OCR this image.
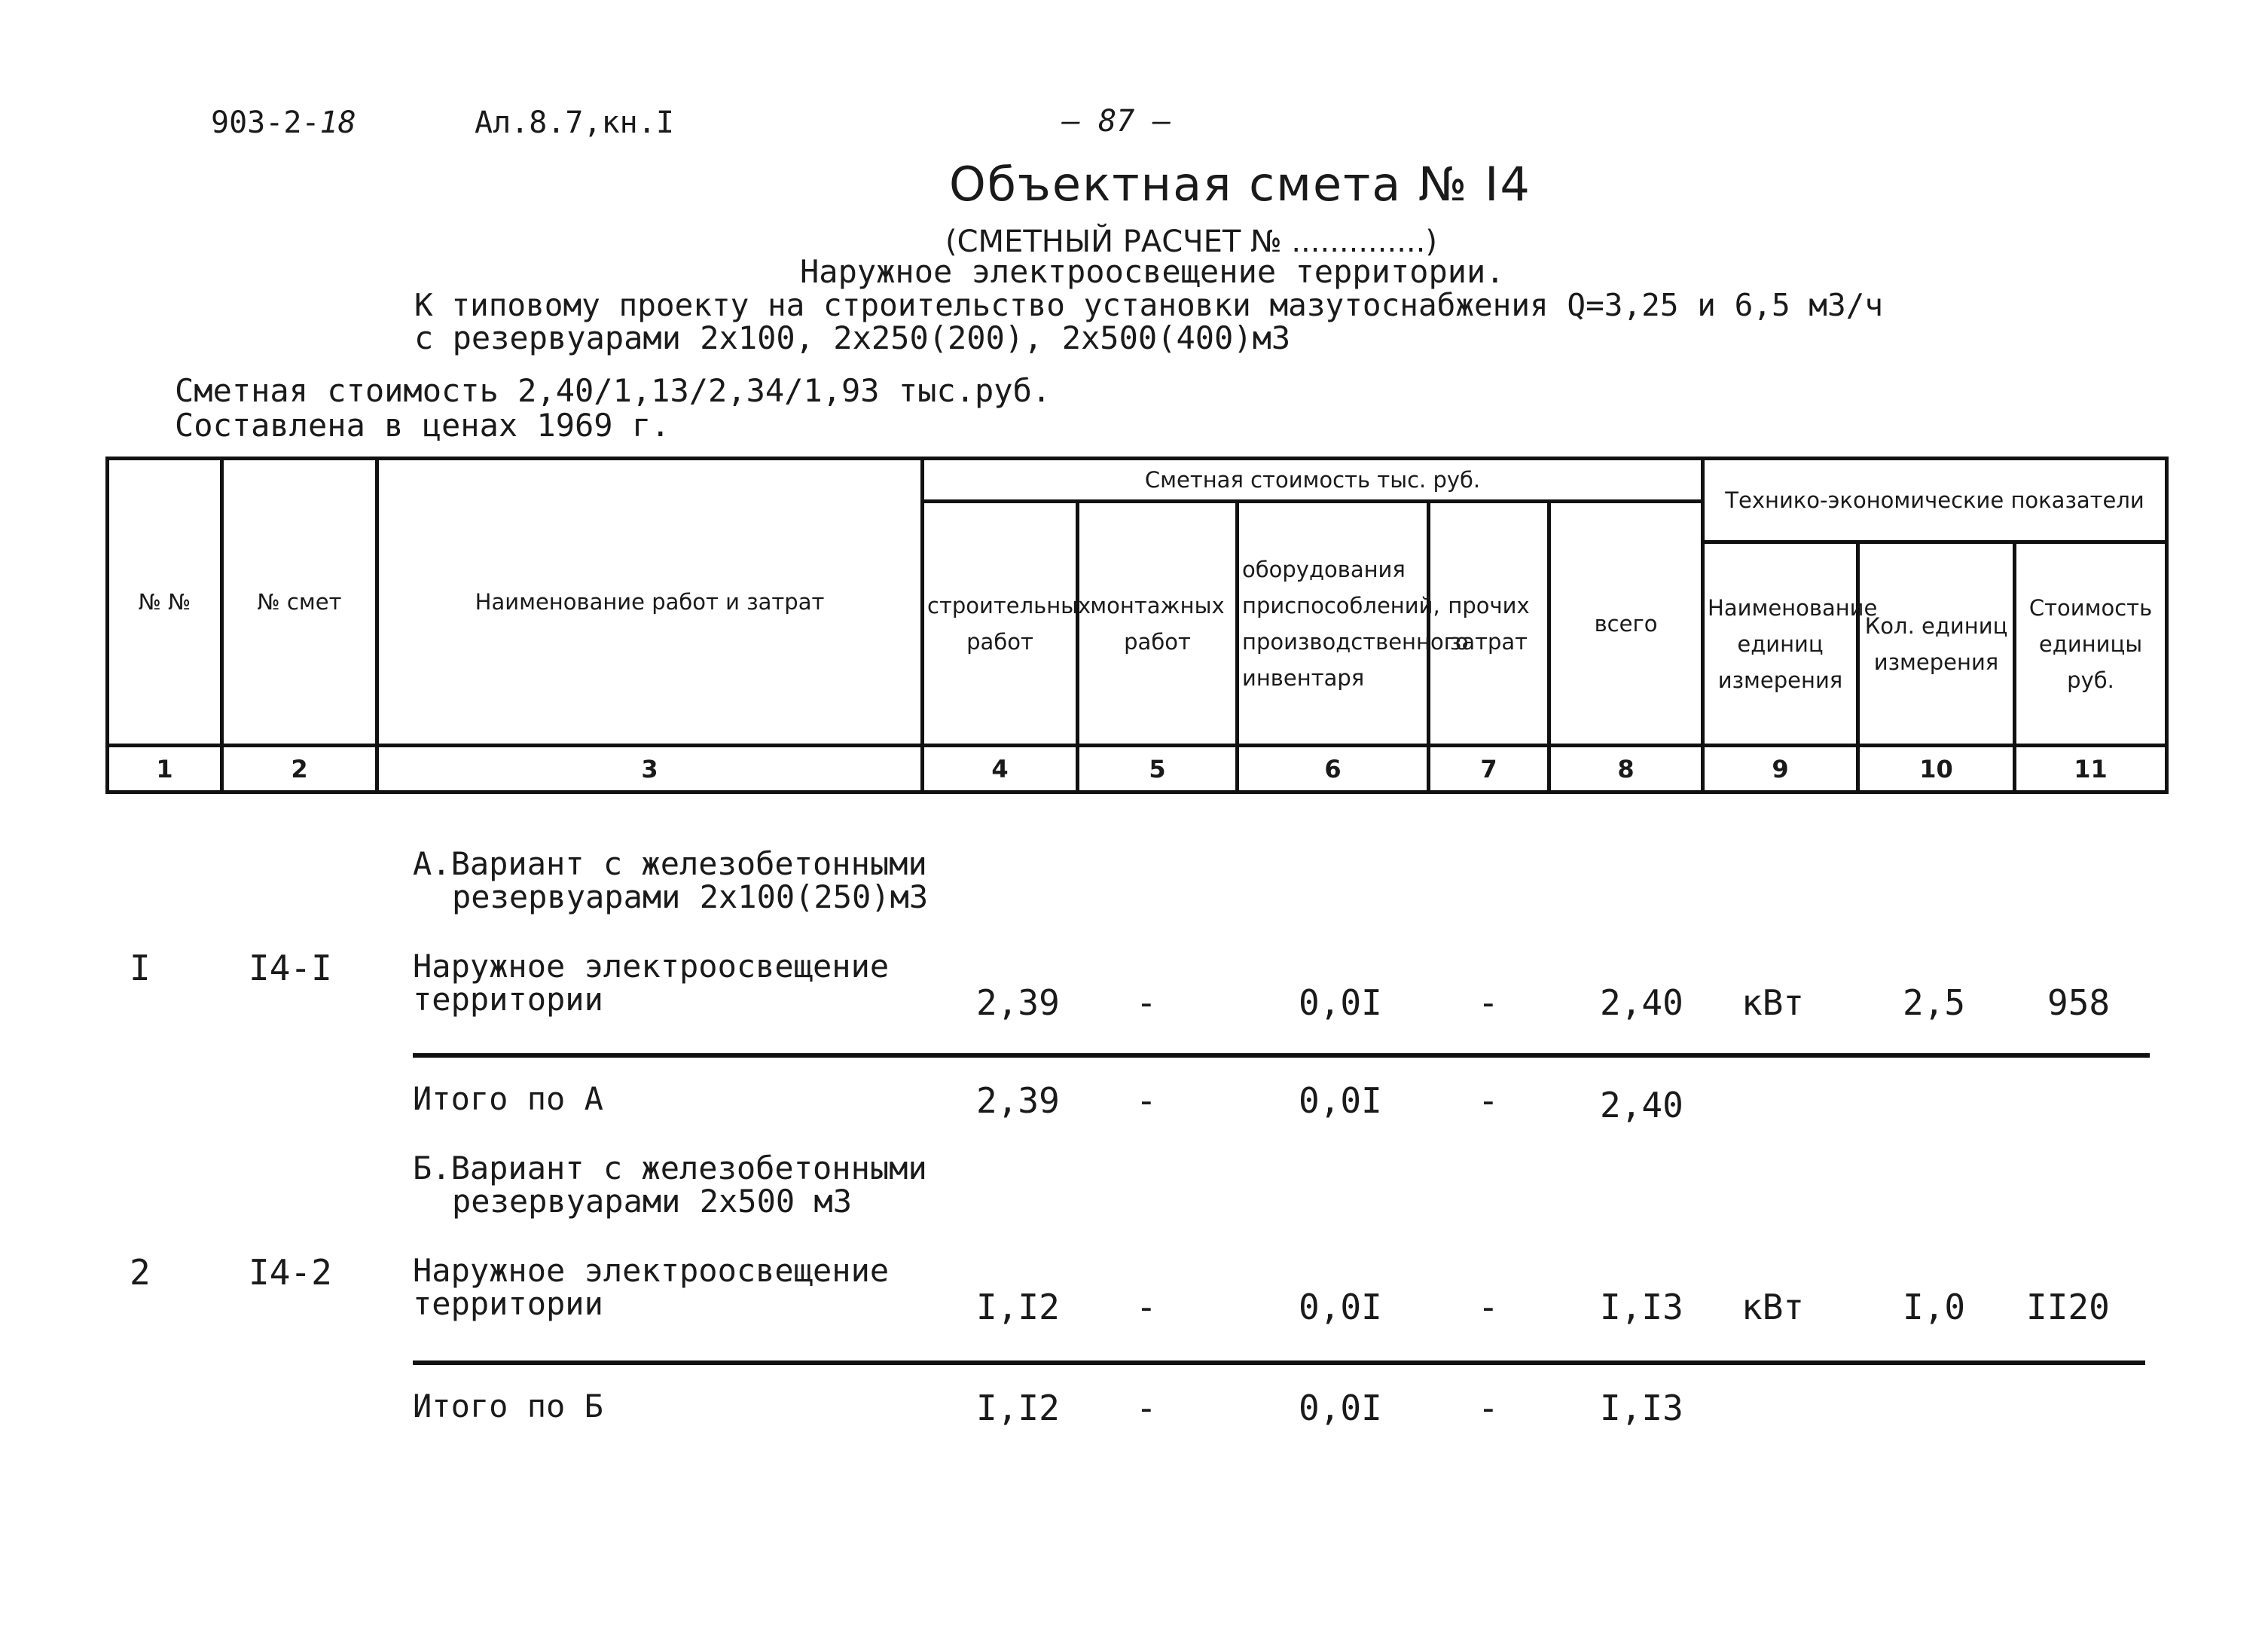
903-2-18	Ал.8.7,кн.I	— 87 —
Объектная смета № I4
(СМЕТНЫЙ РАСЧЕТ № ..............)
Наружное электроосвещение территории.
К типовому проекту на строительство установки мазутоснабжения Q=3,25 и 6,5 м3/ч
с резервуарами 2х100, 2х250(200), 2х500(400)м3
Сметная стоимость 2,40/1,13/2,34/1,93 тыс.руб.
Составлена в ценах 1969 г.
№ №	№ смет	Наименование работ и затрат	Сметная стоимость тыс. руб.					Технико-экономические показатели		
			строительных работ	монтажных работ	оборудования приспособлений, производственного инвентаря	прочих затрат	всего			
								Наименование единиц измерения	Кол. единиц измерения	Стоимость единицы руб.
1	2	3	4	5	6	7	8	9	10	11
А.Вариант с железобетонными
резервуарами 2х100(250)м3
I	I4-I	Наружное электроосвещение
территории	2,39 -	0,0I	-	2,40 кВт	2,5 958
Итого по А	2,39 -	0,0I	-	2,40
Б.Вариант с железобетонными
резервуарами 2х500 м3
2	I4-2	Наружное электроосвещение
территории	I,I2 -	0,0I	-	I,I3 кВт	I,0 II20
Итого по Б	I,I2 -	0,0I	-	I,I3
